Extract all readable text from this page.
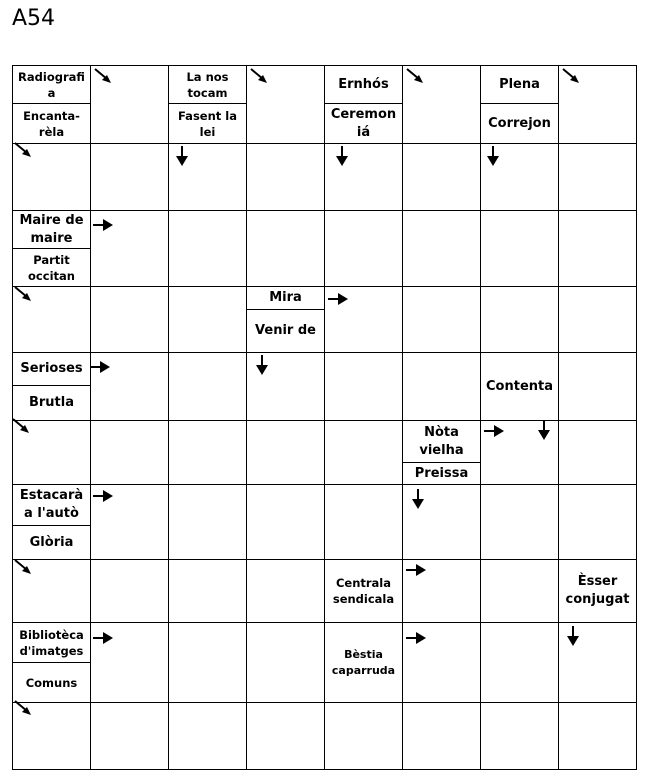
A54
Radiografi
a
Encanta-
rèla
La nos
tocam
Fasent la
lei
Ernhós
Ceremon
iá
Plena
Correjon
Maire de
maire
Partit
occitan
Mira
Venir de
Serioses
Brutla
Contenta
Nòta
vielha
Preissa
Estacarà
a l'autò
Glòria
Centrala
sendicala
Èsser
conjugat
Bibliotèca
d'imatges
Comuns
Bèstia
caparruda
